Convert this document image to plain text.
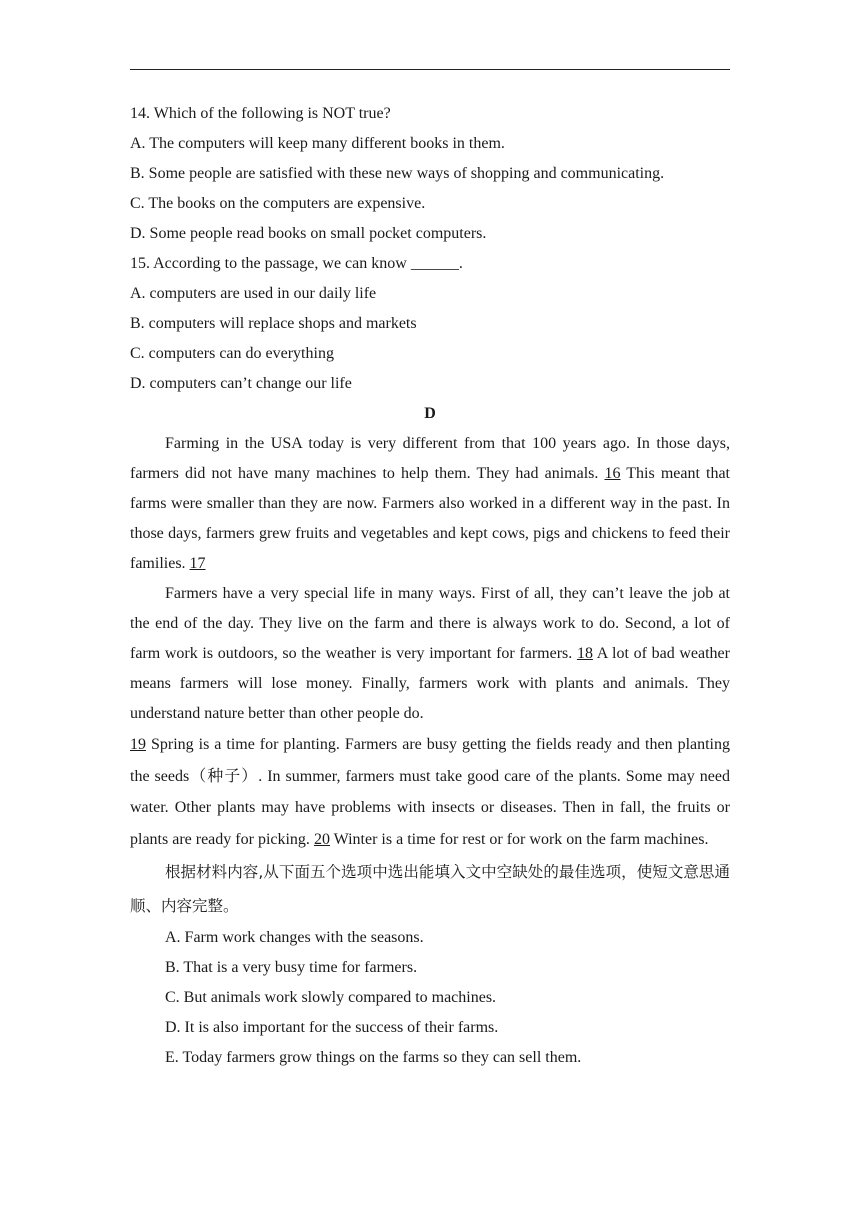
14. Which of the following is NOT true?
A. The computers will keep many different books in them.
B. Some people are satisfied with these new ways of shopping and communicating.
C. The books on the computers are expensive.
D. Some people read books on small pocket computers.
15. According to the passage, we can know ______.
A. computers are used in our daily life
B. computers will replace shops and markets
C. computers can do everything
D. computers can’t change our life
D
Farming in the USA today is very different from that 100 years ago. In those days, farmers did not have many machines to help them. They had animals. 16 This meant that farms were smaller than they are now. Farmers also worked in a different way in the past. In those days, farmers grew fruits and vegetables and kept cows, pigs and chickens to feed their families. 17
Farmers have a very special life in many ways. First of all, they can’t leave the job at the end of the day. They live on the farm and there is always work to do. Second, a lot of farm work is outdoors, so the weather is very important for farmers. 18 A lot of bad weather means farmers will lose money. Finally, farmers work with plants and animals. They understand nature better than other people do.
19 Spring is a time for planting. Farmers are busy getting the fields ready and then planting the seeds（种子）. In summer, farmers must take good care of the plants. Some may need water. Other plants may have problems with insects or diseases. Then in fall, the fruits or plants are ready for picking. 20 Winter is a time for rest or for work on the farm machines.
根据材料内容,从下面五个选项中选出能填入文中空缺处的最佳选项，使短文意思通顺、内容完整。
A. Farm work changes with the seasons.
B. That is a very busy time for farmers.
C. But animals work slowly compared to machines.
D. It is also important for the success of their farms.
E. Today farmers grow things on the farms so they can sell them.
